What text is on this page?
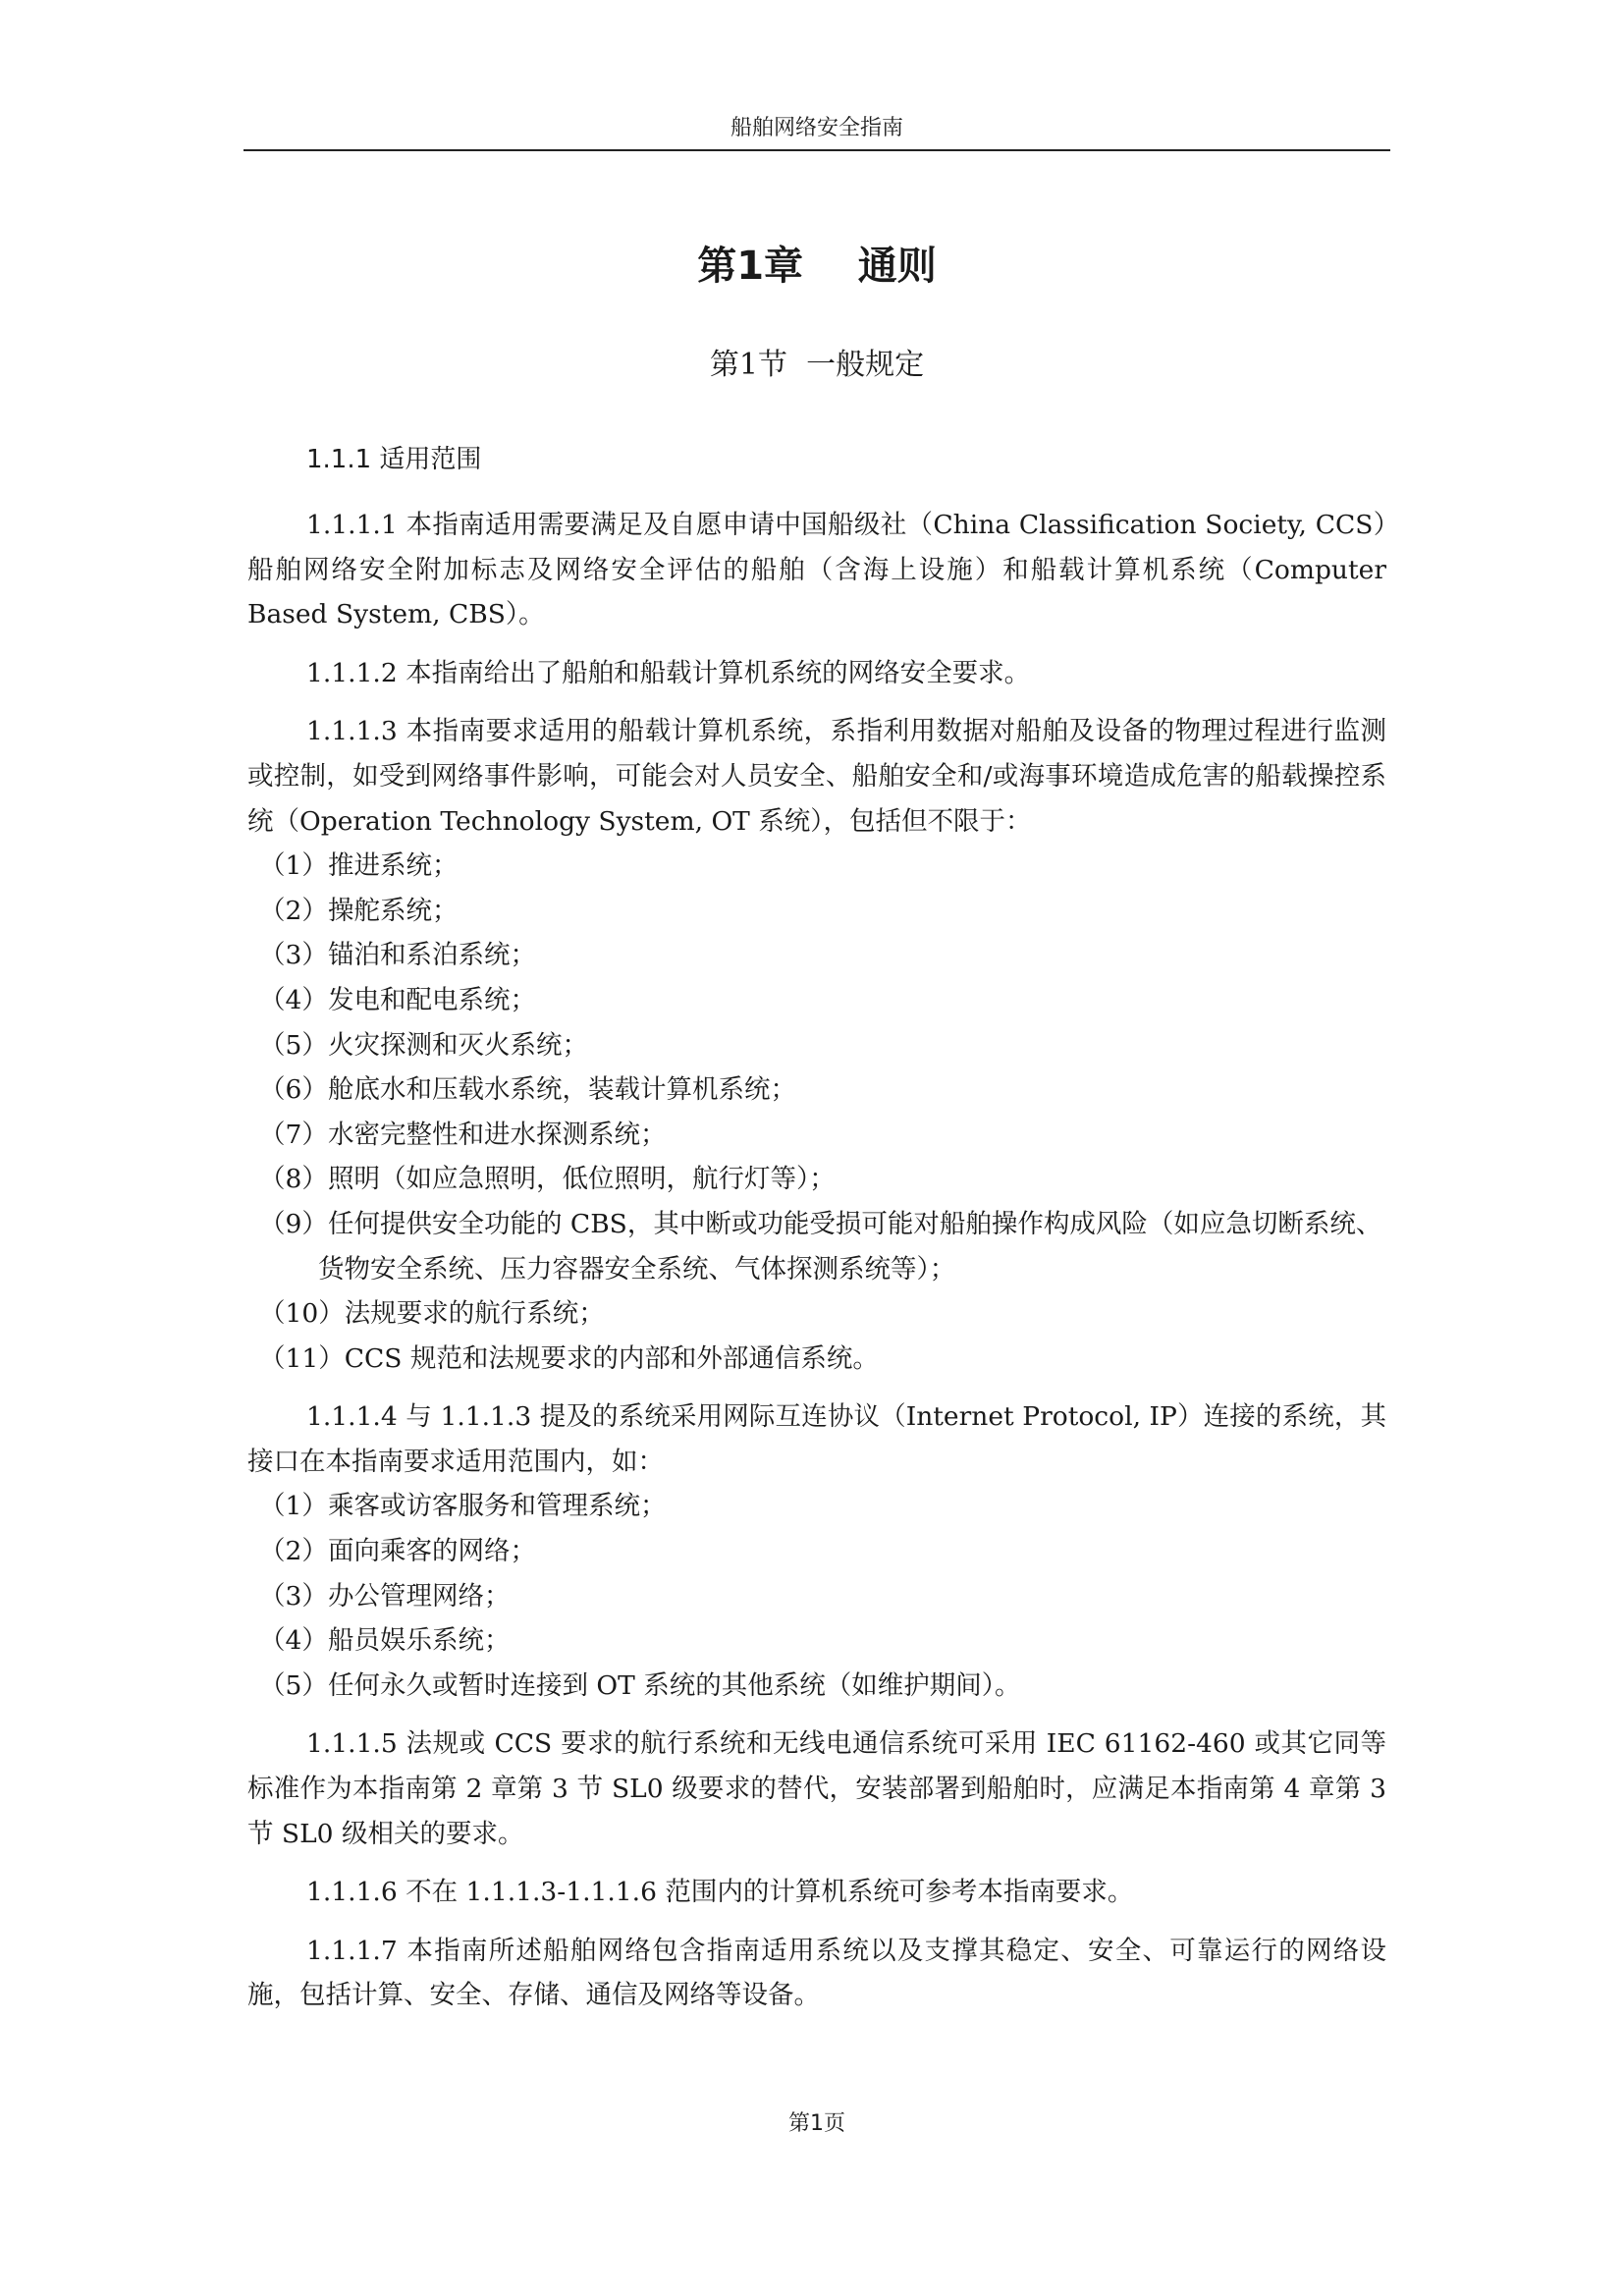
船舶网络安全指南
第1章    通则
第1节  一般规定
1.1.1 适用范围

1.1.1.1 本指南适用需要满足及自愿申请中国船级社（China Classification Society, CCS）船舶网络安全附加标志及网络安全评估的船舶（含海上设施）和船载计算机系统（Computer Based System, CBS）。

1.1.1.2 本指南给出了船舶和船载计算机系统的网络安全要求。

1.1.1.3 本指南要求适用的船载计算机系统，系指利用数据对船舶及设备的物理过程进行监测或控制，如受到网络事件影响，可能会对人员安全、船舶安全和/或海事环境造成危害的船载操控系统（Operation Technology System, OT 系统），包括但不限于：

（1）推进系统；

（2）操舵系统；

（3）锚泊和系泊系统；

（4）发电和配电系统；

（5）火灾探测和灭火系统；

（6）舱底水和压载水系统，装载计算机系统；

（7）水密完整性和进水探测系统；

（8）照明（如应急照明，低位照明，航行灯等）；

（9）任何提供安全功能的 CBS，其中断或功能受损可能对船舶操作构成风险（如应急切断系统、货物安全系统、压力容器安全系统、气体探测系统等）；

（10）法规要求的航行系统；

（11）CCS 规范和法规要求的内部和外部通信系统。

1.1.1.4 与 1.1.1.3 提及的系统采用网际互连协议（Internet Protocol, IP）连接的系统，其接口在本指南要求适用范围内，如：

（1）乘客或访客服务和管理系统；

（2）面向乘客的网络；

（3）办公管理网络；

（4）船员娱乐系统；

（5）任何永久或暂时连接到 OT 系统的其他系统（如维护期间）。

1.1.1.5 法规或 CCS 要求的航行系统和无线电通信系统可采用 IEC 61162-460 或其它同等标准作为本指南第 2 章第 3 节 SL0 级要求的替代，安装部署到船舶时，应满足本指南第 4 章第 3 节 SL0 级相关的要求。

1.1.1.6 不在 1.1.1.3-1.1.1.6 范围内的计算机系统可参考本指南要求。

1.1.1.7 本指南所述船舶网络包含指南适用系统以及支撑其稳定、安全、可靠运行的网络设施，包括计算、安全、存储、通信及网络等设备。

第1页
